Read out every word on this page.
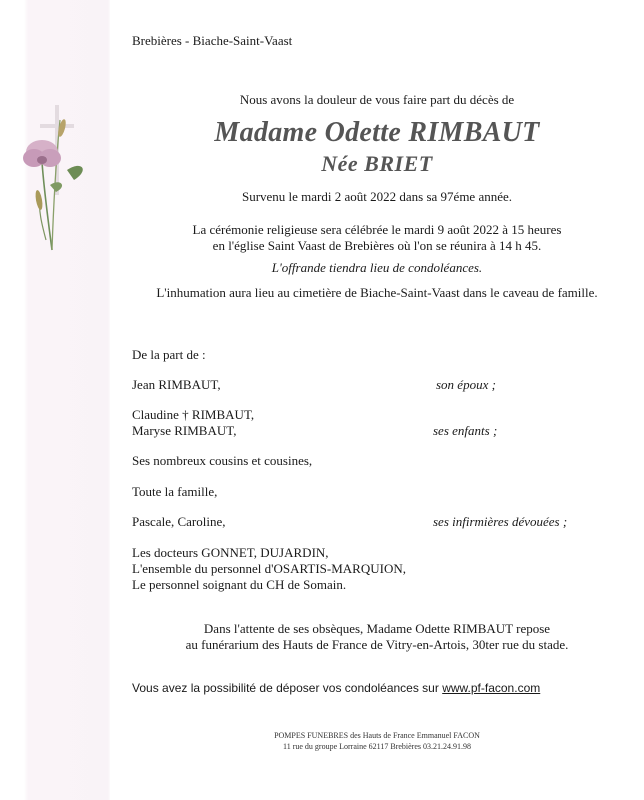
Brebières - Biache-Saint-Vaast
Nous avons la douleur de vous faire part du décès de
Madame Odette RIMBAUT
Née BRIET
Survenu le mardi 2 août 2022 dans sa 97éme année.
La cérémonie religieuse sera célébrée le mardi 9 août 2022 à 15 heures
en l'église Saint Vaast de Brebières où l'on se réunira à 14 h 45.
L'offrande tiendra lieu de condoléances.
L'inhumation aura lieu au cimetière de Biache-Saint-Vaast dans le caveau de famille.
De la part de :
Jean RIMBAUT,	son époux ;
Claudine † RIMBAUT,
Maryse RIMBAUT,	ses enfants ;
Ses nombreux cousins et cousines,
Toute la famille,
Pascale, Caroline,	ses infirmières dévouées ;
Les docteurs GONNET, DUJARDIN,
L'ensemble du personnel d'OSARTIS-MARQUION,
Le personnel soignant du CH de Somain.
Dans l'attente de ses obsèques, Madame Odette RIMBAUT repose
au funérarium des Hauts de France de Vitry-en-Artois, 30ter rue du stade.
Vous avez la possibilité de déposer vos condoléances sur www.pf-facon.com
POMPES FUNEBRES des Hauts de France Emmanuel FACON
11 rue du groupe Lorraine 62117 Brebières 03.21.24.91.98
